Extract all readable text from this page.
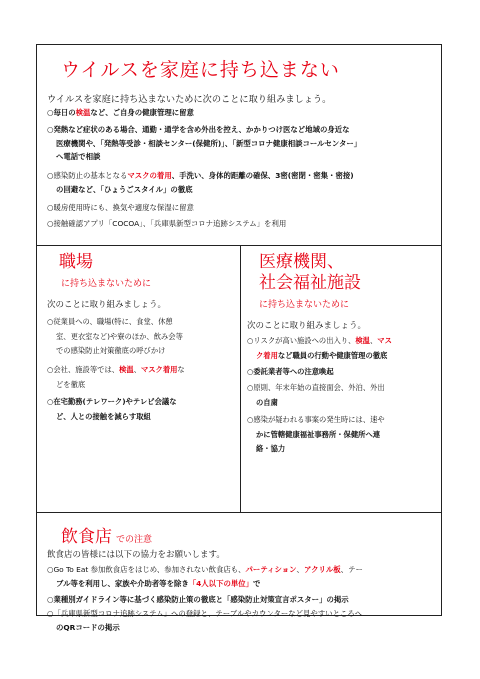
ウイルスを家庭に持ち込まない
ウイルスを家庭に持ち込まないために次のことに取り組みましょう。
○毎日の検温など、ご自身の健康管理に留意
○発熱など症状のある場合、通勤・通学を含め外出を控え、かかりつけ医など地域の身近な
医療機関や、「発熱等受診・相談センター(保健所)」、「新型コロナ健康相談コールセンター」
へ電話で相談
○感染防止の基本となるマスクの着用、手洗い、身体的距離の確保、3密(密閉・密集・密接)
の回避など、「ひょうごスタイル」の徹底
○暖房使用時にも、換気や適度な保湿に留意
○接触確認アプリ「COCOA」、「兵庫県新型コロナ追跡システム」を利用
職場
に持ち込まないために
次のことに取り組みましょう。
○従業員への、職場(特に、食堂、休憩
室、更衣室など)や寮のほか、飲み会等
での感染防止対策徹底の呼びかけ
○会社、施設等では、検温、マスク着用な
どを徹底
○在宅勤務(テレワーク)やテレビ会議な
ど、人との接触を減らす取組
医療機関、
社会福祉施設
に持ち込まないために
次のことに取り組みましょう。
○リスクが高い施設への出入り、検温、マス
ク着用など職員の行動や健康管理の徹底
○委託業者等への注意喚起
○原則、年末年始の直接面会、外泊、外出
の自粛
○感染が疑われる事案の発生時には、速や
かに管轄健康福祉事務所・保健所へ連
絡・協力
飲食店 での注意
飲食店の皆様には以下の協力をお願いします。
○Go To Eat 参加飲食店をはじめ、参加されない飲食店も、パーティション、アクリル板、テー
ブル等を利用し、家族や介助者等を除き「4人以下の単位」で
○業種別ガイドライン等に基づく感染防止策の徹底と「感染防止対策宣言ポスター」の掲示
○「兵庫県新型コロナ追跡システム」への登録と、テーブルやカウンターなど見やすいところへ
のQRコードの掲示
